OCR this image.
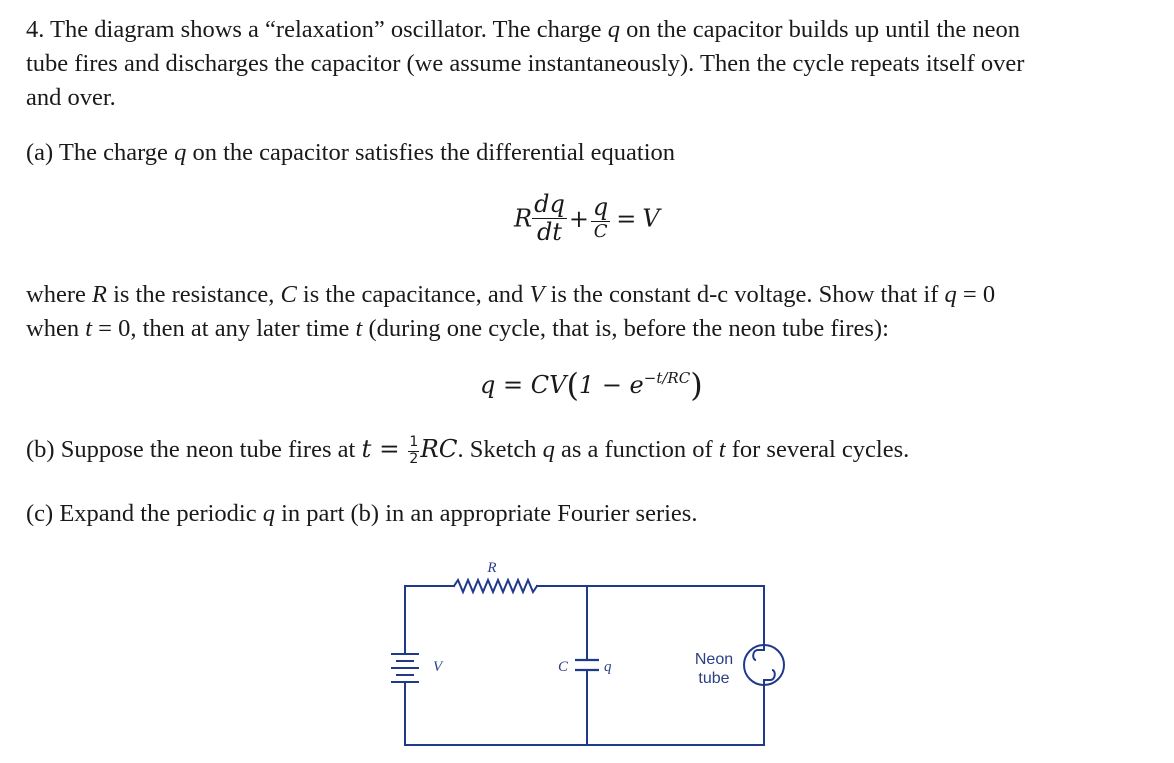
4. The diagram shows a “relaxation” oscillator. The charge q on the capacitor builds up until the neon
tube fires and discharges the capacitor (we assume instantaneously). Then the cycle repeats itself over
and over.
(a) The charge q on the capacitor satisfies the differential equation
R $\frac{dq}{dt} + \frac{q}{C} = V$
where R is the resistance, C is the capacitance, and V is the constant d-c voltage. Show that if q = 0
when t = 0, then at any later time t (during one cycle, that is, before the neon tube fires):
$q = CV(1 - e^{-t/RC})$
(b) Suppose the neon tube fires at $t = \frac{1}{2}$ RC. Sketch q as a function of t for several cycles.
(c) Expand the periodic q in part (b) in an appropriate Fourier series.
R
V	C q	Neon
tube
